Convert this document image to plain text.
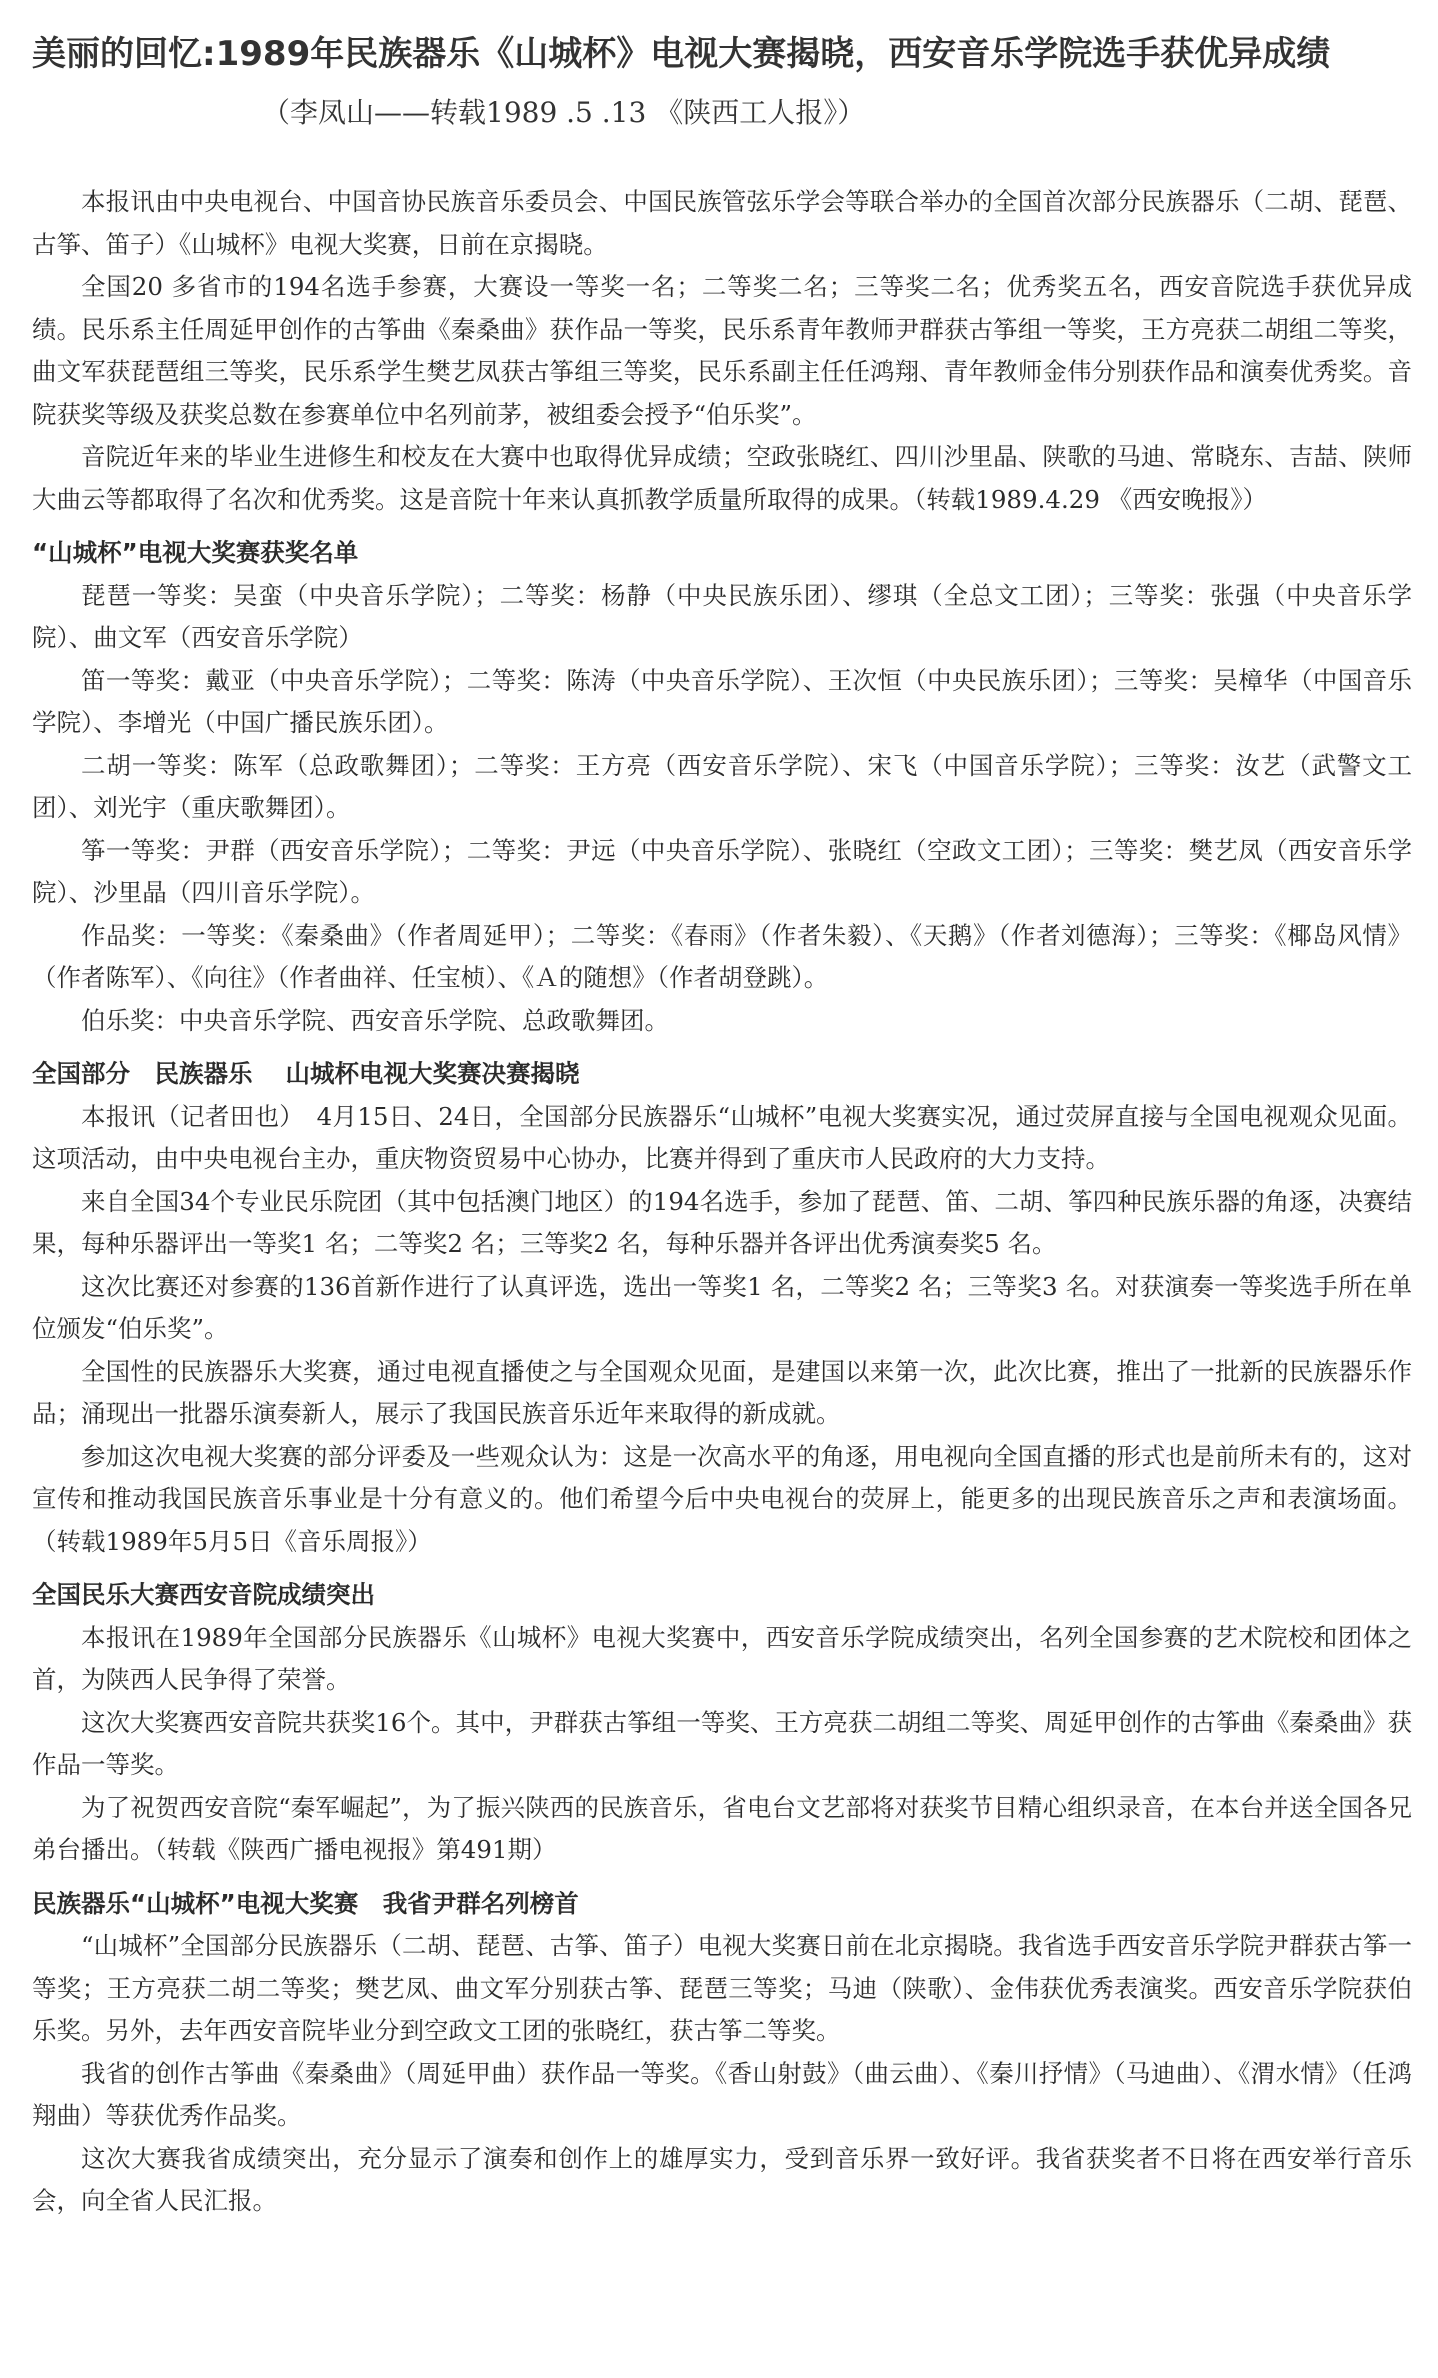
美丽的回忆:1989年民族器乐《山城杯》电视大赛揭晓，西安音乐学院选手获优异成绩 （李凤山——转载1989 .5 .13 《陕西工人报》）

本报讯由中央电视台、中国音协民族音乐委员会、中国民族管弦乐学会等联合举办的全国首次部分民族器乐（二胡、琵琶、古筝、笛子）《山城杯》电视大奖赛，日前在京揭晓。

全国20 多省市的194名选手参赛，大赛设一等奖一名；二等奖二名；三等奖二名；优秀奖五名，西安音院选手获优异成绩。民乐系主任周延甲创作的古筝曲《秦桑曲》获作品一等奖，民乐系青年教师尹群获古筝组一等奖，王方亮获二胡组二等奖，曲文军获琵琶组三等奖，民乐系学生樊艺凤获古筝组三等奖，民乐系副主任任鸿翔、青年教师金伟分别获作品和演奏优秀奖。音院获奖等级及获奖总数在参赛单位中名列前茅，被组委会授予“伯乐奖”。

音院近年来的毕业生进修生和校友在大赛中也取得优异成绩；空政张晓红、四川沙里晶、陕歌的马迪、常晓东、吉喆、陕师大曲云等都取得了名次和优秀奖。这是音院十年来认真抓教学质量所取得的成果。（转载1989.4.29 《西安晚报》）

“山城杯”电视大奖赛获奖名单

琵琶一等奖：吴蛮（中央音乐学院）；二等奖：杨静（中央民族乐团）、缪琪（全总文工团）；三等奖：张强（中央音乐学院）、曲文军（西安音乐学院）

笛一等奖：戴亚（中央音乐学院）；二等奖：陈涛（中央音乐学院）、王次恒（中央民族乐团）；三等奖：吴樟华（中国音乐学院）、李增光（中国广播民族乐团）。

二胡一等奖：陈军（总政歌舞团）；二等奖：王方亮（西安音乐学院）、宋飞（中国音乐学院）；三等奖：汝艺（武警文工团）、刘光宇（重庆歌舞团）。

筝一等奖：尹群（西安音乐学院）；二等奖：尹远（中央音乐学院）、张晓红（空政文工团）；三等奖：樊艺凤（西安音乐学院）、沙里晶（四川音乐学院）。

作品奖：一等奖：《秦桑曲》（作者周延甲）；二等奖：《春雨》（作者朱毅）、《天鹅》（作者刘德海）；三等奖：《椰岛风情》（作者陈军）、《向往》（作者曲祥、任宝桢）、《Ａ的随想》（作者胡登跳）。

伯乐奖：中央音乐学院、西安音乐学院、总政歌舞团。

全国部分　民族器乐　 山城杯电视大奖赛决赛揭晓

本报讯（记者田也）　4月15日、24日，全国部分民族器乐“山城杯”电视大奖赛实况，通过荧屏直接与全国电视观众见面。这项活动，由中央电视台主办，重庆物资贸易中心协办，比赛并得到了重庆市人民政府的大力支持。

来自全国34个专业民乐院团（其中包括澳门地区）的194名选手，参加了琵琶、笛、二胡、筝四种民族乐器的角逐，决赛结果，每种乐器评出一等奖1 名；二等奖2 名；三等奖2 名，每种乐器并各评出优秀演奏奖5 名。

这次比赛还对参赛的136首新作进行了认真评选，选出一等奖1 名，二等奖2 名；三等奖3 名。对获演奏一等奖选手所在单位颁发“伯乐奖”。

全国性的民族器乐大奖赛，通过电视直播使之与全国观众见面，是建国以来第一次，此次比赛，推出了一批新的民族器乐作品；涌现出一批器乐演奏新人，展示了我国民族音乐近年来取得的新成就。

参加这次电视大奖赛的部分评委及一些观众认为：这是一次高水平的角逐，用电视向全国直播的形式也是前所未有的，这对宣传和推动我国民族音乐事业是十分有意义的。他们希望今后中央电视台的荧屏上，能更多的出现民族音乐之声和表演场面。（转载1989年5月5日《音乐周报》）

全国民乐大赛西安音院成绩突出

本报讯在1989年全国部分民族器乐《山城杯》电视大奖赛中，西安音乐学院成绩突出，名列全国参赛的艺术院校和团体之首，为陕西人民争得了荣誉。

这次大奖赛西安音院共获奖16个。其中，尹群获古筝组一等奖、王方亮获二胡组二等奖、周延甲创作的古筝曲《秦桑曲》获作品一等奖。

为了祝贺西安音院“秦军崛起”，为了振兴陕西的民族音乐，省电台文艺部将对获奖节目精心组织录音，在本台并送全国各兄弟台播出。（转载《陕西广播电视报》第491期）

民族器乐“山城杯”电视大奖赛　我省尹群名列榜首

“山城杯”全国部分民族器乐（二胡、琵琶、古筝、笛子）电视大奖赛日前在北京揭晓。我省选手西安音乐学院尹群获古筝一等奖；王方亮获二胡二等奖；樊艺凤、曲文军分别获古筝、琵琶三等奖；马迪（陕歌）、金伟获优秀表演奖。西安音乐学院获伯乐奖。另外，去年西安音院毕业分到空政文工团的张晓红，获古筝二等奖。

我省的创作古筝曲《秦桑曲》（周延甲曲）获作品一等奖。《香山射鼓》（曲云曲）、《秦川抒情》（马迪曲）、《渭水情》（任鸿翔曲）等获优秀作品奖。

这次大赛我省成绩突出，充分显示了演奏和创作上的雄厚实力，受到音乐界一致好评。我省获奖者不日将在西安举行音乐会，向全省人民汇报。
